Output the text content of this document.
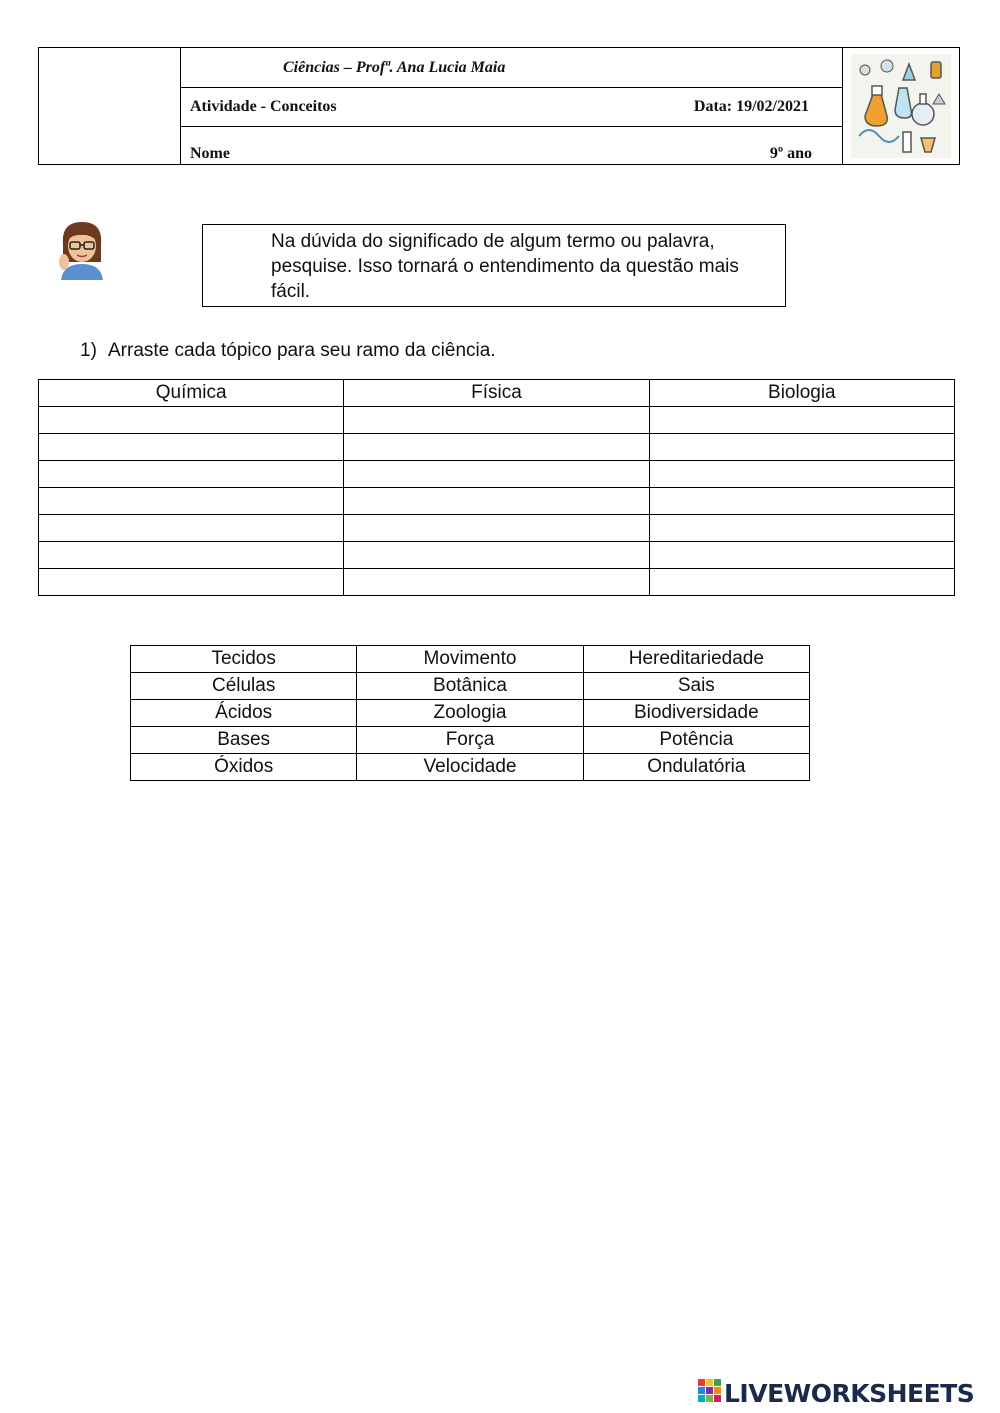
Ciências – Profª. Ana Lucia Maia
Atividade - Conceitos	Data: 19/02/2021
Nome	9º ano
Na dúvida do significado de algum termo ou palavra, pesquise. Isso tornará o entendimento da questão mais fácil.
1) Arraste cada tópico para seu ramo da ciência.
Química	Física	Biologia

Tecidos	Movimento	Hereditariedade
Células	Botânica	Sais
Ácidos	Zoologia	Biodiversidade
Bases	Força	Potência
Óxidos	Velocidade	Ondulatória
LIVEWORKSHEETS
